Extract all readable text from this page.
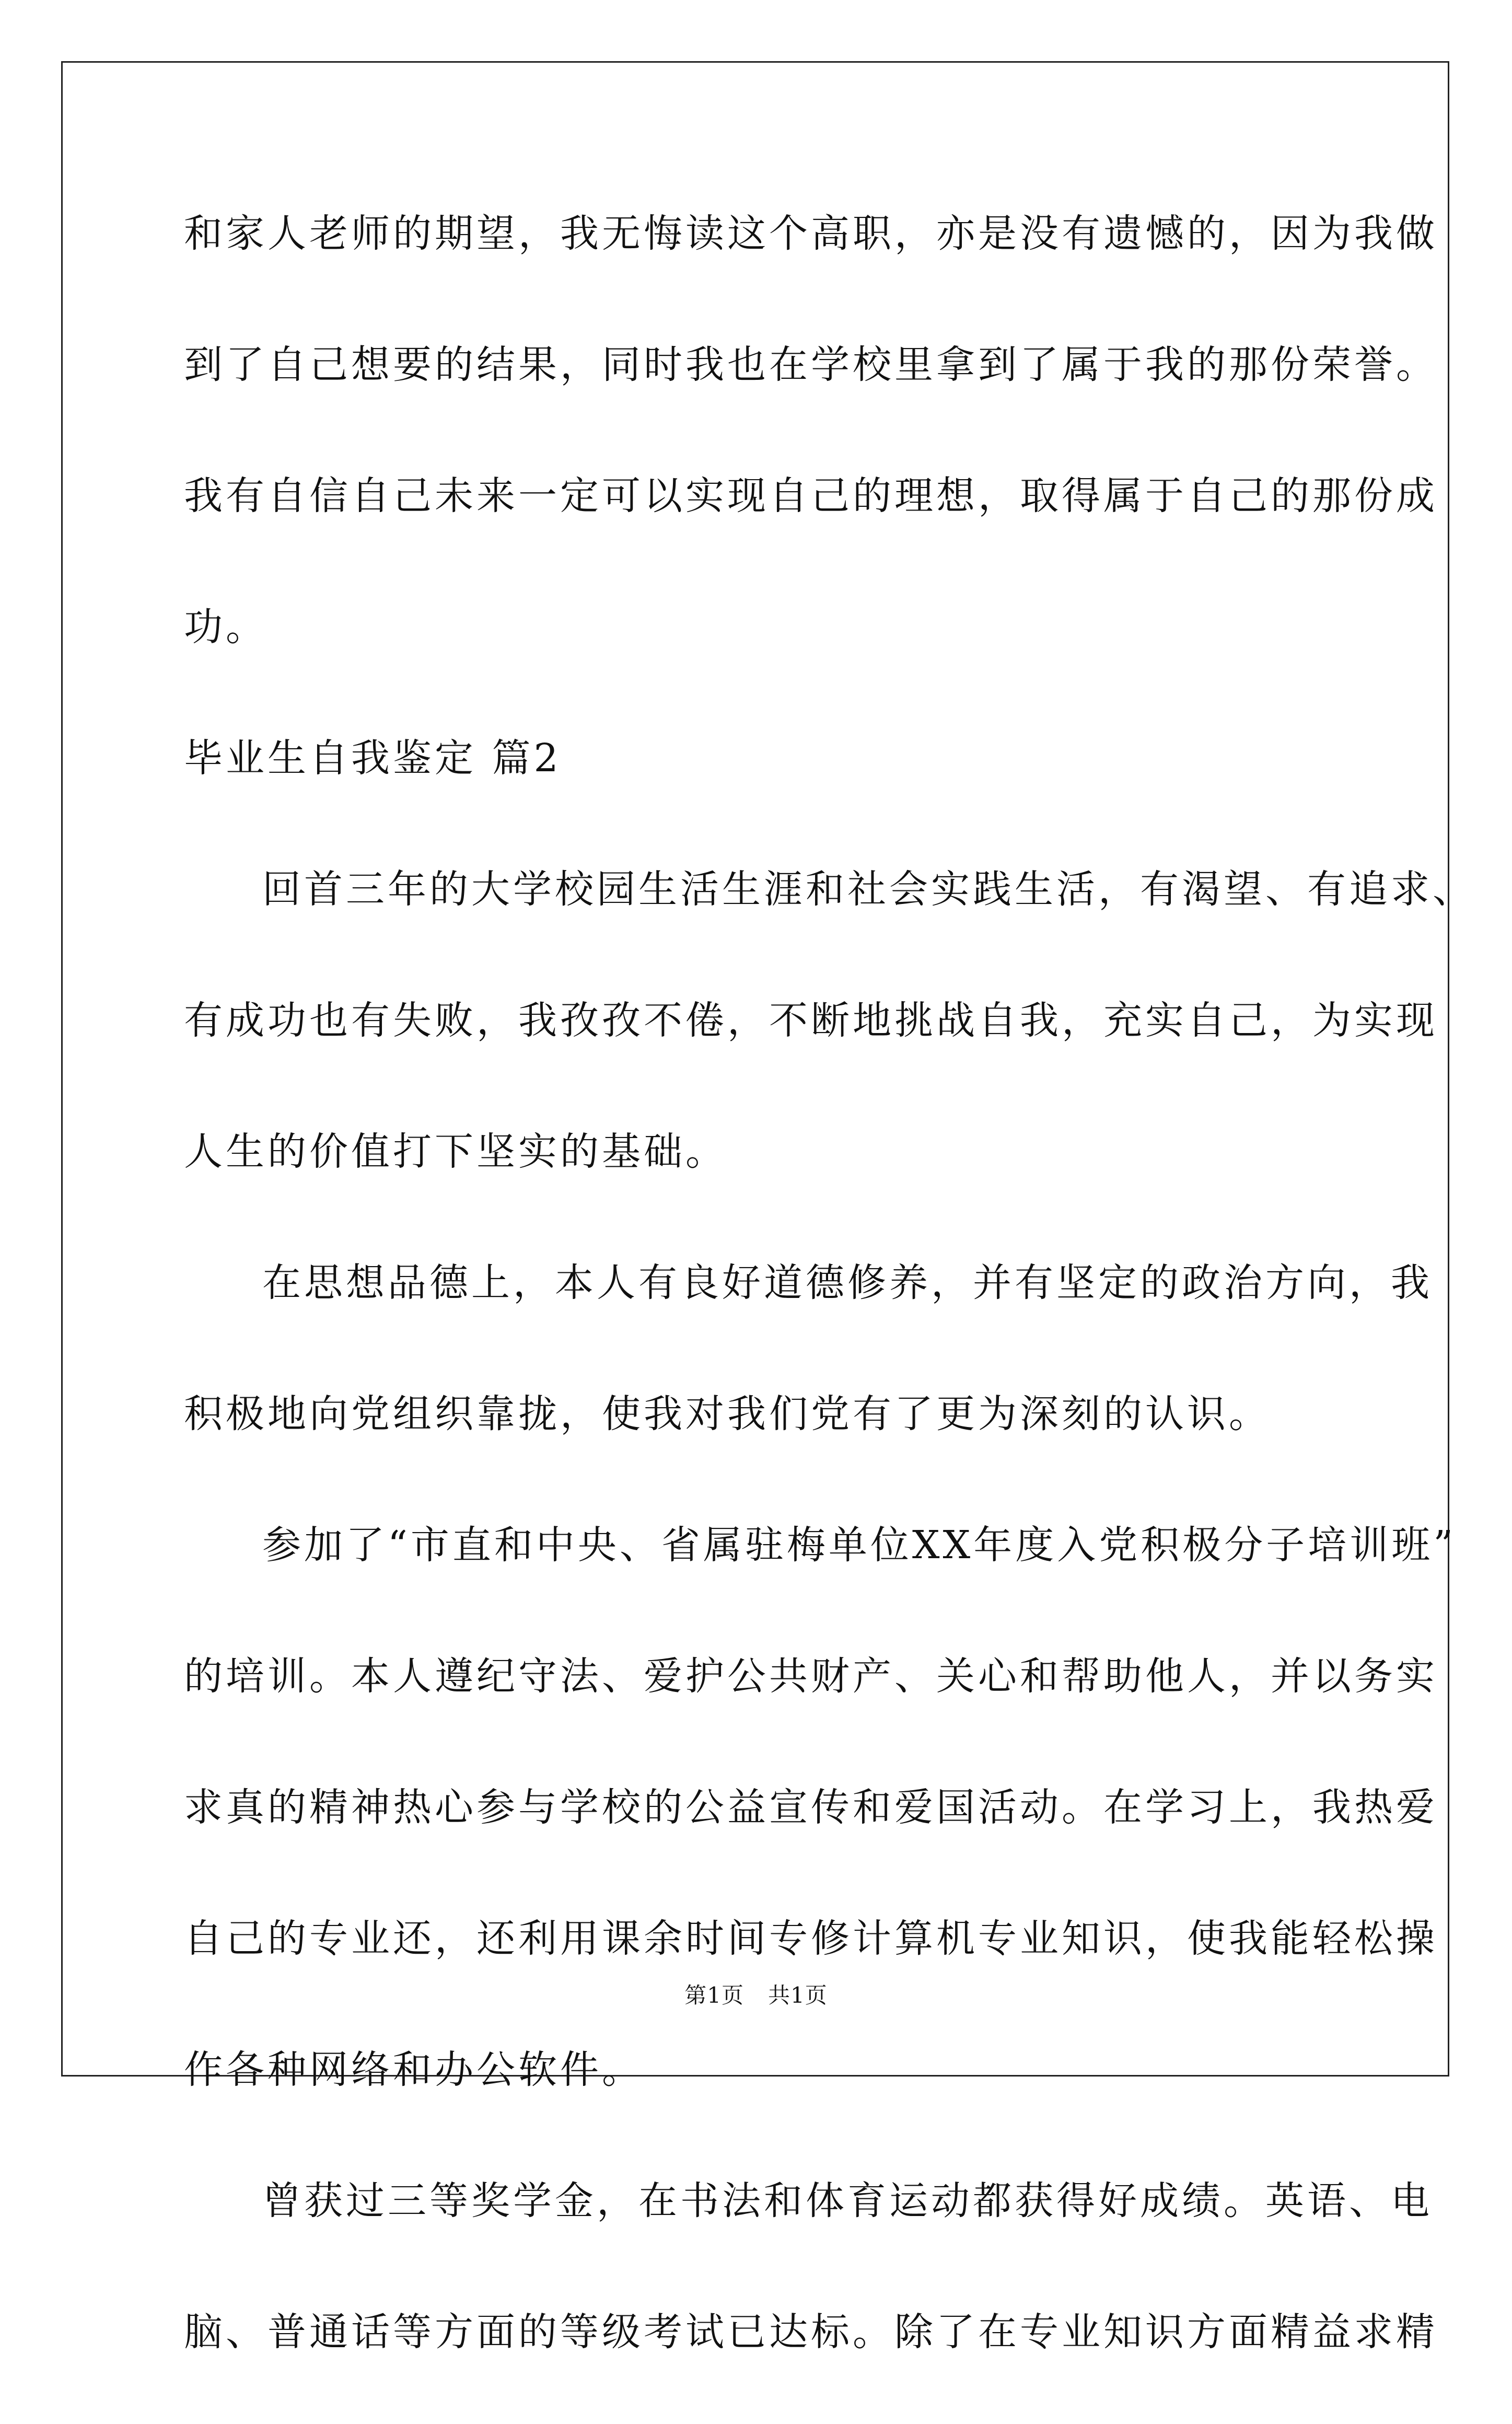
和家人老师的期望，我无悔读这个高职，亦是没有遗憾的，因为我做
到了自己想要的结果，同时我也在学校里拿到了属于我的那份荣誉。
我有自信自己未来一定可以实现自己的理想，取得属于自己的那份成
功。
毕业生自我鉴定 篇2
回首三年的大学校园生活生涯和社会实践生活，有渴望、有追求、
有成功也有失败，我孜孜不倦，不断地挑战自我，充实自己，为实现
人生的价值打下坚实的基础。
在思想品德上，本人有良好道德修养，并有坚定的政治方向，我
积极地向党组织靠拢，使我对我们党有了更为深刻的认识。
参加了“市直和中央、省属驻梅单位XX年度入党积极分子培训班”
的培训。本人遵纪守法、爱护公共财产、关心和帮助他人，并以务实
求真的精神热心参与学校的公益宣传和爱国活动。在学习上，我热爱
自己的专业还，还利用课余时间专修计算机专业知识，使我能轻松操
作各种网络和办公软件。
曾获过三等奖学金，在书法和体育运动都获得好成绩。英语、电
脑、普通话等方面的等级考试已达标。除了在专业知识方面精益求精
第1页 共1页
